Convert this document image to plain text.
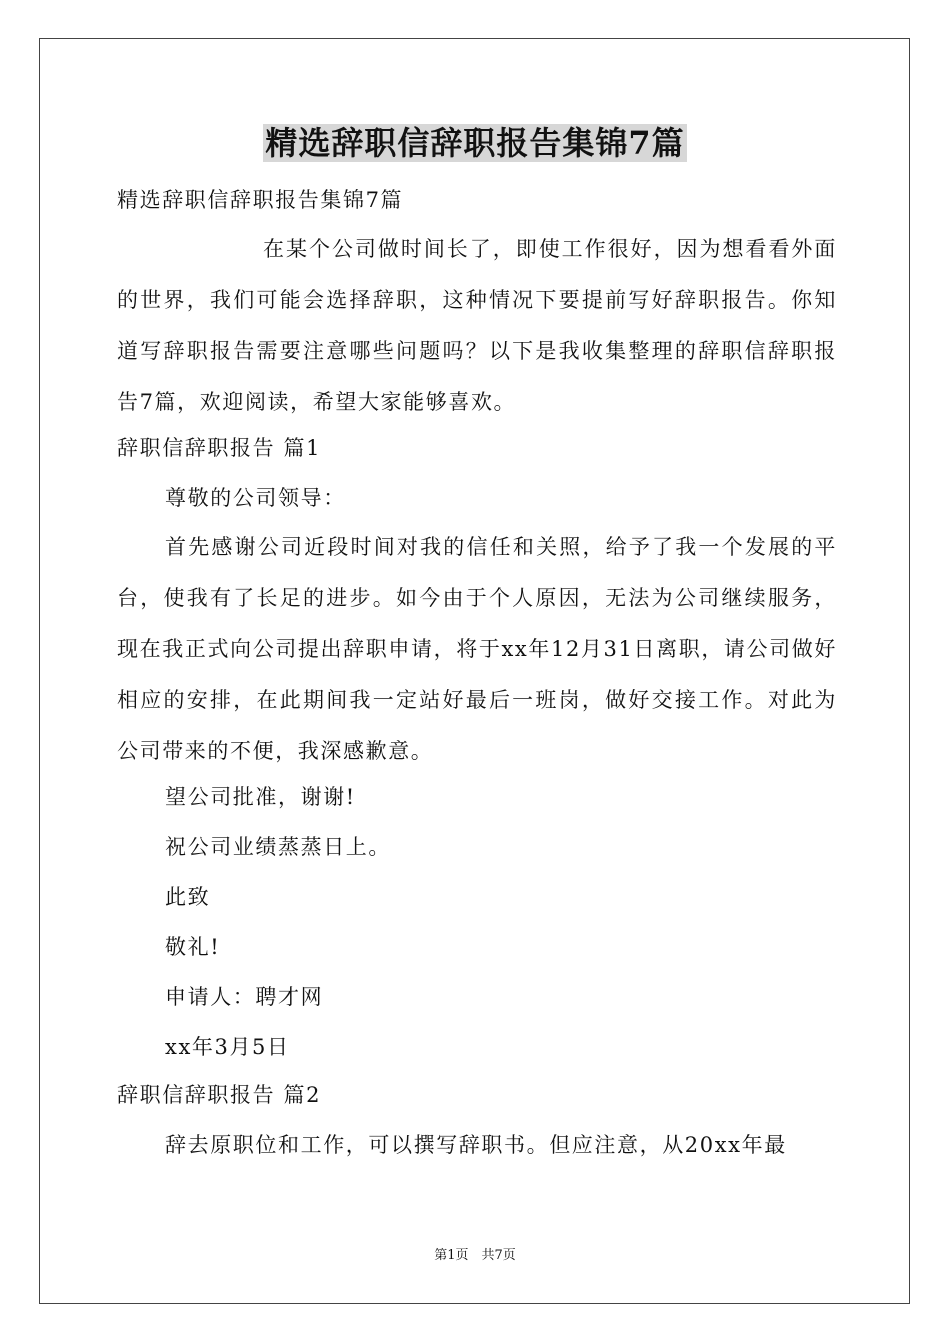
精选辞职信辞职报告集锦7篇
精选辞职信辞职报告集锦7篇
在某个公司做时间长了，即使工作很好，因为想看看外面的世界，我们可能会选择辞职，这种情况下要提前写好辞职报告。你知道写辞职报告需要注意哪些问题吗？以下是我收集整理的辞职信辞职报告7篇，欢迎阅读，希望大家能够喜欢。
辞职信辞职报告 篇1
尊敬的公司领导：
首先感谢公司近段时间对我的信任和关照，给予了我一个发展的平台，使我有了长足的进步。如今由于个人原因，无法为公司继续服务，现在我正式向公司提出辞职申请，将于xx年12月31日离职，请公司做好相应的安排，在此期间我一定站好最后一班岗，做好交接工作。对此为公司带来的不便，我深感歉意。
望公司批准，谢谢!
祝公司业绩蒸蒸日上。
此致
敬礼!
申请人：聘才网
xx年3月5日
辞职信辞职报告 篇2
辞去原职位和工作，可以撰写辞职书。但应注意，从20xx年最
第1页　共7页
